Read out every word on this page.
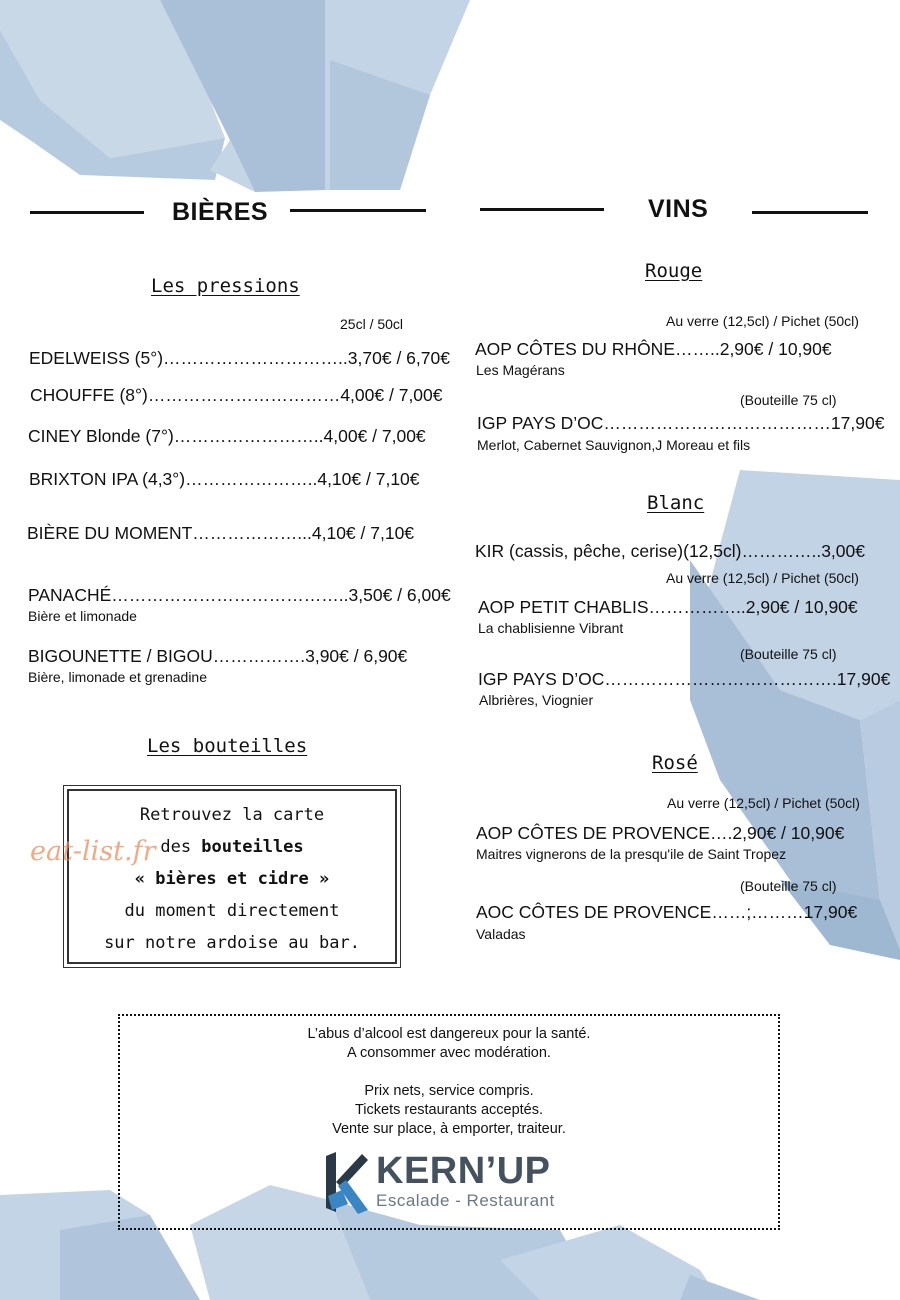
BIÈRES	VINS
Les pressions
25cl / 50cl
EDELWEISS (5°)…………………………..3,70€ / 6,70€
CHOUFFE (8°)……………………………4,00€ / 7,00€
CINEY Blonde (7°)……………………..4,00€ / 7,00€
BRIXTON IPA (4,3°)…………………..4,10€ / 7,10€
BIÈRE DU MOMENT………………...4,10€ / 7,10€
PANACHÉ…………………………………..3,50€ / 6,00€
Bière et limonade
BIGOUNETTE / BIGOU…………….3,90€ / 6,90€
Bière, limonade et grenadine
Les bouteilles
Retrouvez la carte
des bouteilles
« bières et cidre »
du moment directement
sur notre ardoise au bar.
eat-list.fr
Rouge
Au verre (12,5cl) / Pichet (50cl)
AOP CÔTES DU RHÔNE……..2,90€ / 10,90€
Les Magérans
(Bouteille 75 cl)
IGP PAYS D’OC…………………………………17,90€
Merlot, Cabernet Sauvignon,J Moreau et fils
Blanc
KIR (cassis, pêche, cerise)(12,5cl)…………..3,00€
Au verre (12,5cl) / Pichet (50cl)
AOP PETIT CHABLIS……………..2,90€ / 10,90€
La chablisienne Vibrant
(Bouteille 75 cl)
IGP PAYS D’OC………………………………….17,90€
Albrières, Viognier
Rosé
Au verre (12,5cl) / Pichet (50cl)
AOP CÔTES DE PROVENCE….2,90€ / 10,90€
Maitres vignerons de la presqu'ile de Saint Tropez
(Bouteille 75 cl)
AOC CÔTES DE PROVENCE……;………17,90€
Valadas
L’abus d’alcool est dangereux pour la santé.
A consommer avec modération.
Prix nets, service compris.
Tickets restaurants acceptés.
Vente sur place, à emporter, traiteur.
KERN’UP
Escalade - Restaurant
